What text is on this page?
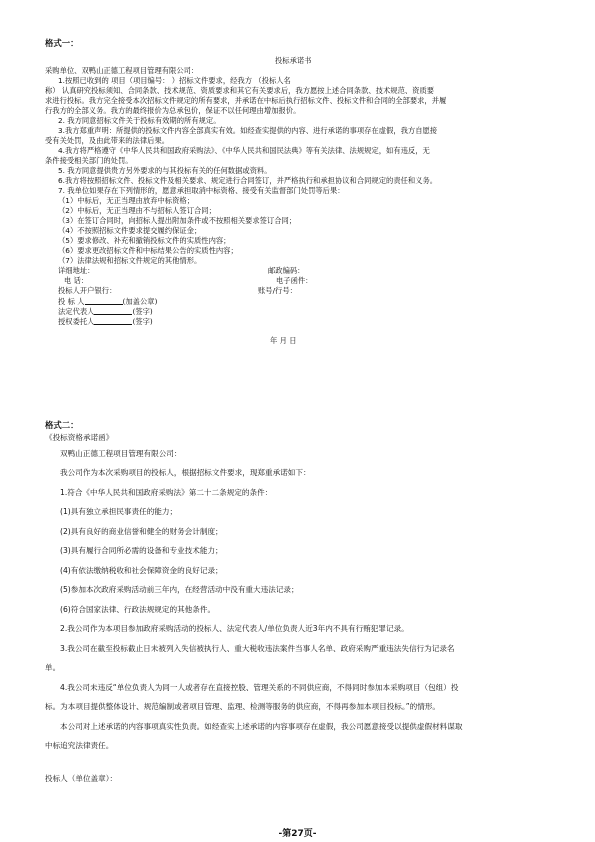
格式一：
投标承诺书
采购单位、双鸭山正德工程项目管理有限公司：
1.按照已收到的 项目（项目编号： ）招标文件要求，经我方 （投标人名
称） 认真研究投标须知、合同条款、技术规范、资质要求和其它有关要求后，我方愿按上述合同条款、技术规范、资质要
求进行投标。我方完全接受本次招标文件规定的所有要求，并承诺在中标后执行招标文件、投标文件和合同的全部要求，并履
行我方的全部义务。我方的最终报价为总承包价，保证不以任何理由增加报价。
2. 我方同意招标文件关于投标有效期的所有规定。
3.我方郑重声明：所提供的投标文件内容全部真实有效。如经查实提供的内容、进行承诺的事项存在虚假，我方自愿接
受有关处罚，及由此带来的法律后果。
4.我方将严格遵守《中华人民共和国政府采购法》、《中华人民共和国民法典》等有关法律、法规规定，如有违反，无
条件接受相关部门的处罚。
5. 我方同意提供贵方另外要求的与其投标有关的任何数据或资料。
6.我方将按照招标文件、投标文件及相关要求、规定进行合同签订，并严格执行和承担协议和合同规定的责任和义务。
7. 我单位如果存在下列情形的，愿意承担取消中标资格、接受有关监督部门处罚等后果：
（1）中标后，无正当理由放弃中标资格；
（2）中标后，无正当理由不与招标人签订合同；
（3）在签订合同时，向招标人提出附加条件或不按照相关要求签订合同；
（4）不按照招标文件要求提交履约保证金；
（5）要求修改、补充和撤销投标文件的实质性内容；
（6）要求更改招标文件和中标结果公告的实质性内容；
（7）法律法规和招标文件规定的其他情形。
详细地址：	邮政编码：
电 话：	电子函件：
投标人开户银行：	账号/行号：
投 标 人	(加盖公章)
法定代表人	(签字)
授权委托人	(签字)
年 月 日
格式二：
《投标资格承诺函》
双鸭山正德工程项目管理有限公司：
我公司作为本次采购项目的投标人，根据招标文件要求，现郑重承诺如下：
1.符合《中华人民共和国政府采购法》第二十二条规定的条件：
(1)具有独立承担民事责任的能力；
(2)具有良好的商业信誉和健全的财务会计制度；
(3)具有履行合同所必需的设备和专业技术能力；
(4)有依法缴纳税收和社会保障资金的良好记录；
(5)参加本次政府采购活动前三年内，在经营活动中没有重大违法记录；
(6)符合国家法律、行政法规规定的其他条件。
2.我公司作为本项目参加政府采购活动的投标人、法定代表人/单位负责人近3年内不具有行贿犯罪记录。
3.我公司在截至投标截止日未被列入失信被执行人、重大税收违法案件当事人名单、政府采购严重违法失信行为记录名
单。
4.我公司未违反“单位负责人为同一人或者存在直接控股、管理关系的不同供应商，不得同时参加本采购项目（包组）投
标。为本项目提供整体设计、规范编制或者项目管理、监理、检测等服务的供应商，不得再参加本项目投标。”的情形。
本公司对上述承诺的内容事项真实性负责。如经查实上述承诺的内容事项存在虚假，我公司愿意接受以提供虚假材料谋取
中标追究法律责任。
投标人（单位盖章）：
-第27页-
